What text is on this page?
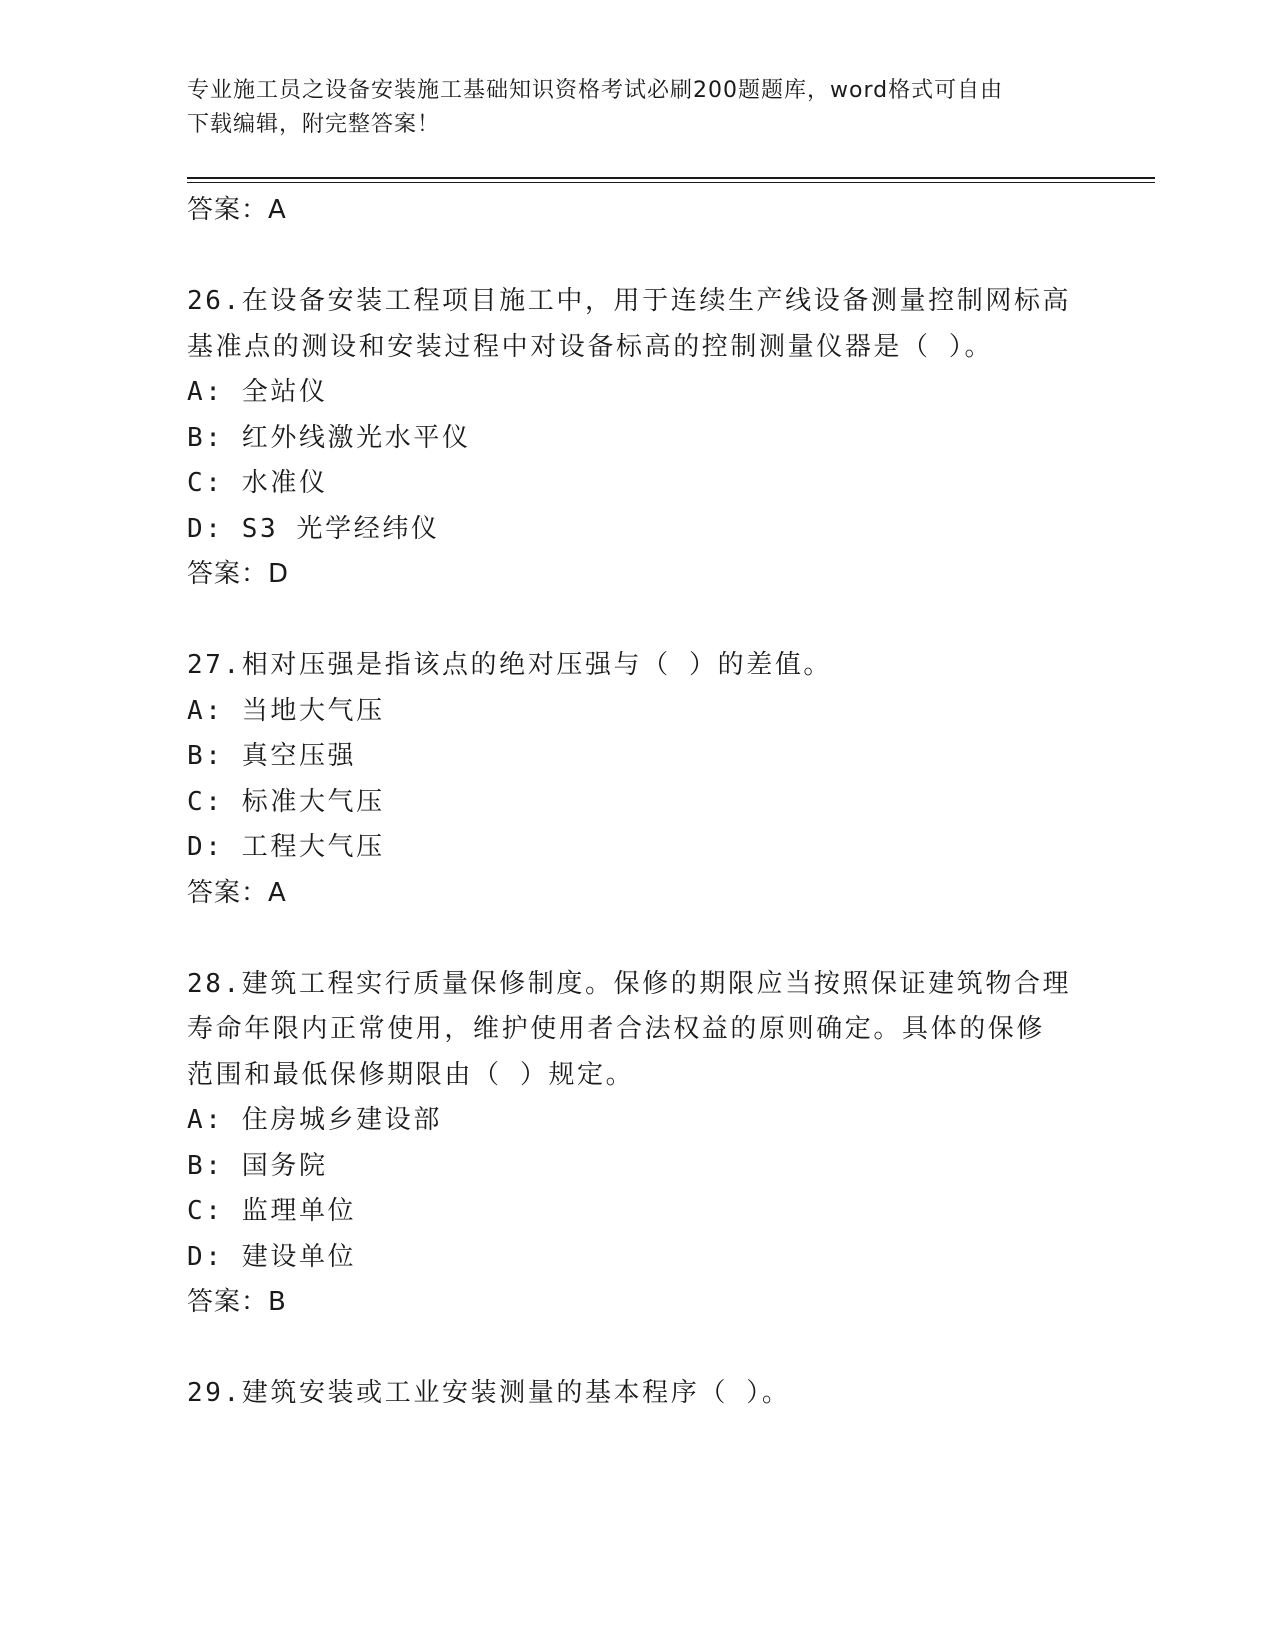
专业施工员之设备安装施工基础知识资格考试必刷200题题库，word格式可自由
下载编辑，附完整答案！
答案：A
26.在设备安装工程项目施工中，用于连续生产线设备测量控制网标高
基准点的测设和安装过程中对设备标高的控制测量仪器是（ ）。
A: 全站仪
B: 红外线激光水平仪
C: 水准仪
D: S3 光学经纬仪
答案：D
27.相对压强是指该点的绝对压强与（ ）的差值。
A: 当地大气压
B: 真空压强
C: 标准大气压
D: 工程大气压
答案：A
28.建筑工程实行质量保修制度。保修的期限应当按照保证建筑物合理
寿命年限内正常使用，维护使用者合法权益的原则确定。具体的保修
范围和最低保修期限由（ ）规定。
A: 住房城乡建设部
B: 国务院
C: 监理单位
D: 建设单位
答案：B
29.建筑安装或工业安装测量的基本程序（ ）。
